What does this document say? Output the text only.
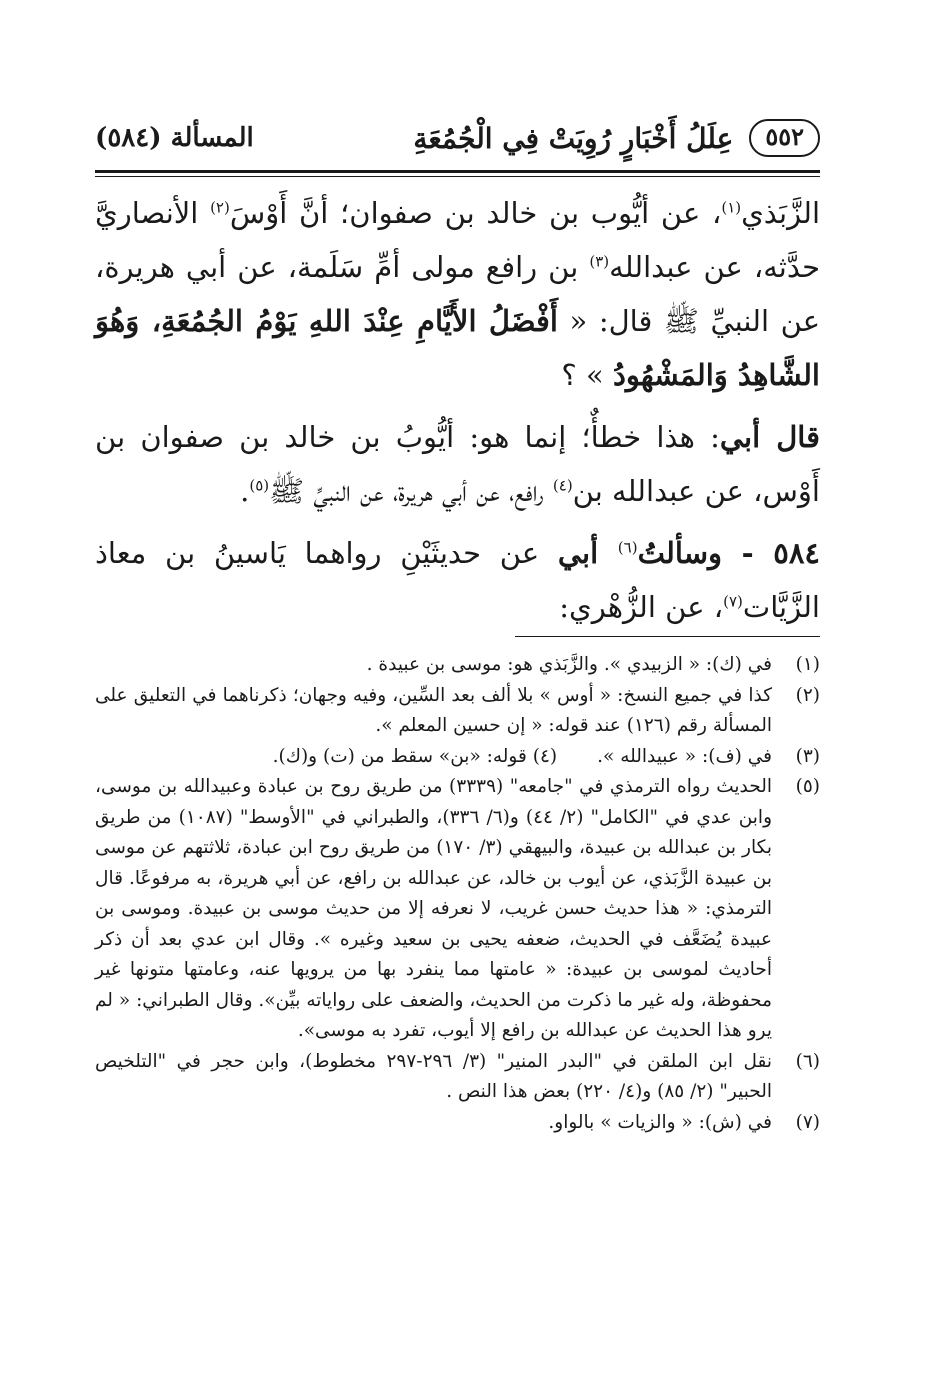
٥٥٢
عِلَلُ أَخْبَارٍ رُوِيَتْ فِي الْجُمُعَةِ
المسألة (٥٨٤)

الزَّبَذي$^{(١)}$، عن أيُّوب بن خالد بن صفوان؛ أنَّ أَوْسَ$^{(٢)}$ الأنصاريَّ حدَّثه، عن عبدالله$^{(٣)}$ بن رافع مولى أمِّ سَلَمة، عن أبي هريرة، عن النبيِّ ﷺ قال: « أَفْضَلُ الأَيَّامِ عِنْدَ اللهِ يَوْمُ الجُمُعَةِ، وَهُوَ الشَّاهِدُ وَالمَشْهُودُ » ؟

قال أبي: هذا خطأٌ؛ إنما هو: أيُّوبُ بن خالد بن صفوان بن أَوْس، عن عبدالله بن$^{(٤)}$ رافع، عن أبي هريرة، عن النبيِّ ﷺ$^{(٥)}$.

٥٨٤ - وسألتُ$^{(٦)}$ أبي عن حديثَيْنِ رواهما يَاسينُ بن معاذ الزَّيَّات$^{(٧)}$، عن الزُّهْري:

(١)
في (ك): « الزبيدي ». والزَّبَذي هو: موسى بن عبيدة .
(٢)
كذا في جميع النسخ: « أوس » بلا ألف بعد السِّين، وفيه وجهان؛ ذكرناهما في التعليق على المسألة رقم (١٢٦) عند قوله: « إن حسين المعلم ».
(٣)
في (ف): « عبيدالله ».(٤) قوله: «بن» سقط من (ت) و(ك).
(٥)
الحديث رواه الترمذي في "جامعه" (٣٣٣٩) من طريق روح بن عبادة وعبيدالله بن موسى، وابن عدي في "الكامل" (٢/ ٤٤) و(٦/ ٣٣٦)، والطبراني في "الأوسط" (١٠٨٧) من طريق بكار بن عبدالله بن عبيدة، والبيهقي (٣/ ١٧٠) من طريق روح ابن عبادة، ثلاثتهم عن موسى بن عبيدة الزَّبَذي، عن أيوب بن خالد، عن عبدالله بن رافع، عن أبي هريرة، به مرفوعًا. قال الترمذي: « هذا حديث حسن غريب، لا نعرفه إلا من حديث موسى بن عبيدة. وموسى بن عبيدة يُضَعَّف في الحديث، ضعفه يحيى بن سعيد وغيره ». وقال ابن عدي بعد أن ذكر أحاديث لموسى بن عبيدة: « عامتها مما ينفرد بها من يرويها عنه، وعامتها متونها غير محفوظة، وله غير ما ذكرت من الحديث، والضعف على رواياته بيِّن». وقال الطبراني: « لم يرو هذا الحديث عن عبدالله بن رافع إلا أيوب، تفرد به موسى».
(٦)
نقل ابن الملقن في "البدر المنير" (٣/ ٢٩٦-٢٩٧ مخطوط)، وابن حجر في "التلخيص الحبير" (٢/ ٨٥) و(٤/ ٢٢٠) بعض هذا النص .
(٧)
في (ش): « والزيات » بالواو.
